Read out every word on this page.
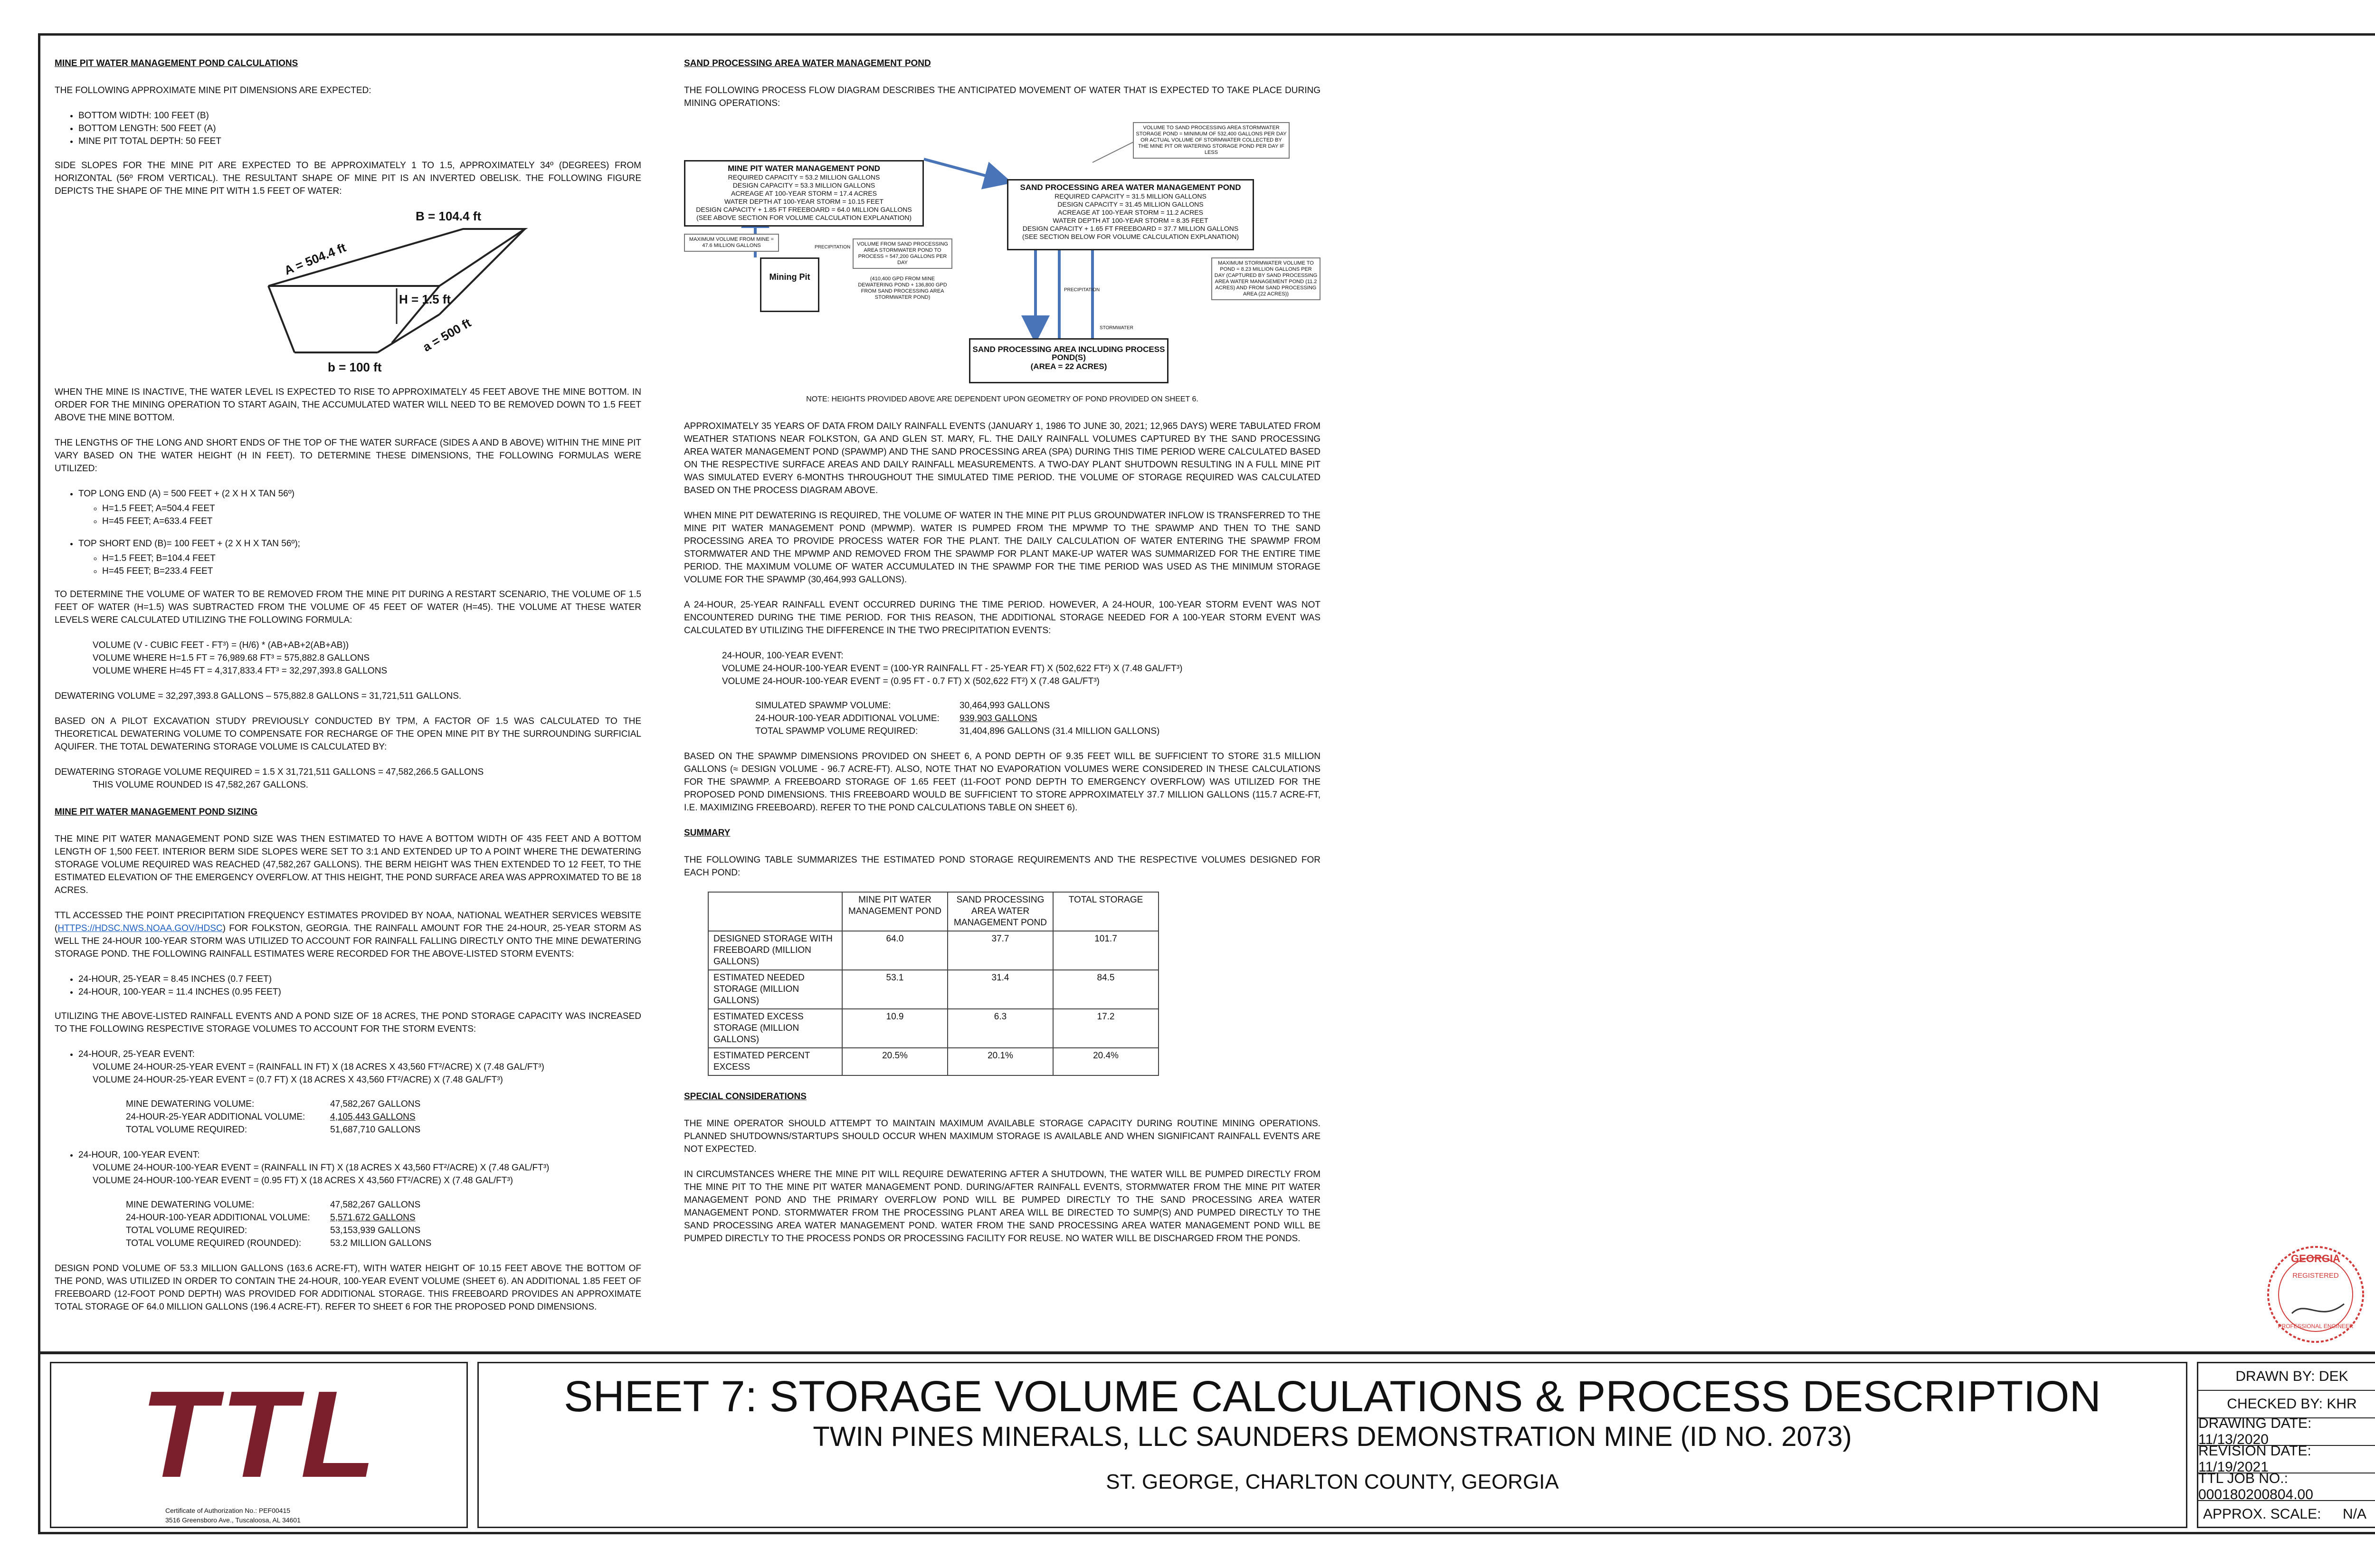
MINE PIT WATER MANAGEMENT POND CALCULATIONS

THE FOLLOWING APPROXIMATE MINE PIT DIMENSIONS ARE EXPECTED:

• BOTTOM WIDTH: 100 FEET (B)
• BOTTOM LENGTH: 500 FEET (A)
• MINE PIT TOTAL DEPTH: 50 FEET

SIDE SLOPES FOR THE MINE PIT ARE EXPECTED TO BE APPROXIMATELY 1 TO 1.5, APPROXIMATELY 34º (DEGREES) FROM HORIZONTAL (56º FROM VERTICAL). THE RESULTANT SHAPE OF MINE PIT IS AN INVERTED OBELISK. THE FOLLOWING FIGURE DEPICTS THE SHAPE OF THE MINE PIT WITH 1.5 FEET OF WATER:

B = 104.4 ft
A = 504.4 ft
H = 1.5 ft
a = 500 ft
b = 100 ft

WHEN THE MINE IS INACTIVE, THE WATER LEVEL IS EXPECTED TO RISE TO APPROXIMATELY 45 FEET ABOVE THE MINE BOTTOM. IN ORDER FOR THE MINING OPERATION TO START AGAIN, THE ACCUMULATED WATER WILL NEED TO BE REMOVED DOWN TO 1.5 FEET ABOVE THE MINE BOTTOM.

THE LENGTHS OF THE LONG AND SHORT ENDS OF THE TOP OF THE WATER SURFACE (SIDES A AND B ABOVE) WITHIN THE MINE PIT VARY BASED ON THE WATER HEIGHT (H IN FEET). TO DETERMINE THESE DIMENSIONS, THE FOLLOWING FORMULAS WERE UTILIZED:

• TOP LONG END (A) = 500 FEET + (2 X H X TAN 56º)
◦ H=1.5 FEET; A=504.4 FEET
◦ H=45 FEET; A=633.4 FEET
• TOP SHORT END (B)= 100 FEET + (2 X H X TAN 56º);
◦ H=1.5 FEET; B=104.4 FEET
◦ H=45 FEET; B=233.4 FEET

TO DETERMINE THE VOLUME OF WATER TO BE REMOVED FROM THE MINE PIT DURING A RESTART SCENARIO, THE VOLUME OF 1.5 FEET OF WATER (H=1.5) WAS SUBTRACTED FROM THE VOLUME OF 45 FEET OF WATER (H=45). THE VOLUME AT THESE WATER LEVELS WERE CALCULATED UTILIZING THE FOLLOWING FORMULA:

VOLUME (V - CUBIC FEET - FT³) = (H/6) * (AB+AB+2(AB+AB))
VOLUME WHERE H=1.5 FT = 76,989.68 FT³ = 575,882.8 GALLONS
VOLUME WHERE H=45 FT = 4,317,833.4 FT³ = 32,297,393.8 GALLONS

DEWATERING VOLUME = 32,297,393.8 GALLONS – 575,882.8 GALLONS = 31,721,511 GALLONS.

BASED ON A PILOT EXCAVATION STUDY PREVIOUSLY CONDUCTED BY TPM, A FACTOR OF 1.5 WAS CALCULATED TO THE THEORETICAL DEWATERING VOLUME TO COMPENSATE FOR RECHARGE OF THE OPEN MINE PIT BY THE SURROUNDING SURFICIAL AQUIFER. THE TOTAL DEWATERING STORAGE VOLUME IS CALCULATED BY:

DEWATERING STORAGE VOLUME REQUIRED = 1.5 X 31,721,511 GALLONS = 47,582,266.5 GALLONS
THIS VOLUME ROUNDED IS 47,582,267 GALLONS.
MINE PIT WATER MANAGEMENT POND SIZING

THE MINE PIT WATER MANAGEMENT POND SIZE WAS THEN ESTIMATED TO HAVE A BOTTOM WIDTH OF 435 FEET AND A BOTTOM LENGTH OF 1,500 FEET. INTERIOR BERM SIDE SLOPES WERE SET TO 3:1 AND EXTENDED UP TO A POINT WHERE THE DEWATERING STORAGE VOLUME REQUIRED WAS REACHED (47,582,267 GALLONS). THE BERM HEIGHT WAS THEN EXTENDED TO 12 FEET, TO THE ESTIMATED ELEVATION OF THE EMERGENCY OVERFLOW. AT THIS HEIGHT, THE POND SURFACE AREA WAS APPROXIMATED TO BE 18 ACRES.

TTL ACCESSED THE POINT PRECIPITATION FREQUENCY ESTIMATES PROVIDED BY NOAA, NATIONAL WEATHER SERVICES WEBSITE (HTTPS://HDSC.NWS.NOAA.GOV/HDSC) FOR FOLKSTON, GEORGIA. THE RAINFALL AMOUNT FOR THE 24-HOUR, 25-YEAR STORM AS WELL THE 24-HOUR 100-YEAR STORM WAS UTILIZED TO ACCOUNT FOR RAINFALL FALLING DIRECTLY ONTO THE MINE DEWATERING STORAGE POND. THE FOLLOWING RAINFALL ESTIMATES WERE RECORDED FOR THE ABOVE-LISTED STORM EVENTS:

• 24-HOUR, 25-YEAR = 8.45 INCHES (0.7 FEET)
• 24-HOUR, 100-YEAR = 11.4 INCHES (0.95 FEET)

UTILIZING THE ABOVE-LISTED RAINFALL EVENTS AND A POND SIZE OF 18 ACRES, THE POND STORAGE CAPACITY WAS INCREASED TO THE FOLLOWING RESPECTIVE STORAGE VOLUMES TO ACCOUNT FOR THE STORM EVENTS:

• 24-HOUR, 25-YEAR EVENT:
VOLUME 24-HOUR-25-YEAR EVENT = (RAINFALL IN FT) X (18 ACRES X 43,560 FT²/ACRE) X (7.48 GAL/FT³)
VOLUME 24-HOUR-25-YEAR EVENT = (0.7 FT) X (18 ACRES X 43,560 FT²/ACRE) X (7.48 GAL/FT³)
MINE DEWATERING VOLUME:	47,582,267 GALLONS
24-HOUR-25-YEAR ADDITIONAL VOLUME:	4,105,443 GALLONS
TOTAL VOLUME REQUIRED:	51,687,710 GALLONS
• 24-HOUR, 100-YEAR EVENT:
VOLUME 24-HOUR-100-YEAR EVENT = (RAINFALL IN FT) X (18 ACRES X 43,560 FT²/ACRE) X (7.48 GAL/FT³)
VOLUME 24-HOUR-100-YEAR EVENT = (0.95 FT) X (18 ACRES X 43,560 FT²/ACRE) X (7.48 GAL/FT³)
MINE DEWATERING VOLUME:	47,582,267 GALLONS
24-HOUR-100-YEAR ADDITIONAL VOLUME:	5,571,672 GALLONS
TOTAL VOLUME REQUIRED:	53,153,939 GALLONS
TOTAL VOLUME REQUIRED (ROUNDED):	53.2 MILLION GALLONS

DESIGN POND VOLUME OF 53.3 MILLION GALLONS (163.6 ACRE-FT), WITH WATER HEIGHT OF 10.15 FEET ABOVE THE BOTTOM OF THE POND, WAS UTILIZED IN ORDER TO CONTAIN THE 24-HOUR, 100-YEAR EVENT VOLUME (SHEET 6). AN ADDITIONAL 1.85 FEET OF FREEBOARD (12-FOOT POND DEPTH) WAS PROVIDED FOR ADDITIONAL STORAGE. THIS FREEBOARD PROVIDES AN APPROXIMATE TOTAL STORAGE OF 64.0 MILLION GALLONS (196.4 ACRE-FT). REFER TO SHEET 6 FOR THE PROPOSED POND DIMENSIONS.

SAND PROCESSING AREA WATER MANAGEMENT POND

THE FOLLOWING PROCESS FLOW DIAGRAM DESCRIBES THE ANTICIPATED MOVEMENT OF WATER THAT IS EXPECTED TO TAKE PLACE DURING MINING OPERATIONS:

MINE PIT WATER MANAGEMENT POND
REQUIRED CAPACITY = 53.2 MILLION GALLONS
DESIGN CAPACITY = 53.3 MILLION GALLONS
ACREAGE AT 100-YEAR STORM = 17.4 ACRES
WATER DEPTH AT 100-YEAR STORM = 10.15 FEET
DESIGN CAPACITY + 1.85 FT FREEBOARD = 64.0 MILLION GALLONS
(SEE ABOVE SECTION FOR VOLUME CALCULATION EXPLANATION)
SAND PROCESSING AREA WATER MANAGEMENT POND
REQUIRED CAPACITY = 31.5 MILLION GALLONS
DESIGN CAPACITY = 31.45 MILLION GALLONS
ACREAGE AT 100-YEAR STORM = 11.2 ACRES
WATER DEPTH AT 100-YEAR STORM = 8.35 FEET
DESIGN CAPACITY + 1.65 FT FREEBOARD = 37.7 MILLION GALLONS
(SEE SECTION BELOW FOR VOLUME CALCULATION EXPLANATION)
Mining Pit
SAND PROCESSING AREA INCLUDING PROCESS POND(S)
(AREA = 22 ACRES)
VOLUME TO SAND PROCESSING AREA STORMWATER STORAGE POND = MINIMUM OF 532,400 GALLONS PER DAY OR ACTUAL VOLUME OF STORMWATER COLLECTED BY THE MINE PIT OR WATERING STORAGE POND PER DAY IF LESS
MAXIMUM VOLUME FROM MINE = 47.6 MILLION GALLONS	VOLUME FROM SAND PROCESSING AREA STORMWATER POND TO PROCESS = 547,200 GALLONS PER DAY
(410,400 GPD FROM MINE DEWATERING POND + 136,800 GPD FROM SAND PROCESSING AREA STORMWATER POND)
MAXIMUM STORMWATER VOLUME TO POND = 8.23 MILLION GALLONS PER DAY (CAPTURED BY SAND PROCESSING AREA WATER MANAGEMENT POND (11.2 ACRES) AND FROM SAND PROCESSING AREA (22 ACRES))
PRECIPITATION
PRECIPITATION
STORMWATER
NOTE: HEIGHTS PROVIDED ABOVE ARE DEPENDENT UPON GEOMETRY OF POND PROVIDED ON SHEET 6.

APPROXIMATELY 35 YEARS OF DATA FROM DAILY RAINFALL EVENTS (JANUARY 1, 1986 TO JUNE 30, 2021; 12,965 DAYS) WERE TABULATED FROM WEATHER STATIONS NEAR FOLKSTON, GA AND GLEN ST. MARY, FL. THE DAILY RAINFALL VOLUMES CAPTURED BY THE SAND PROCESSING AREA WATER MANAGEMENT POND (SPAWMP) AND THE SAND PROCESSING AREA (SPA) DURING THIS TIME PERIOD WERE CALCULATED BASED ON THE RESPECTIVE SURFACE AREAS AND DAILY RAINFALL MEASUREMENTS. A TWO-DAY PLANT SHUTDOWN RESULTING IN A FULL MINE PIT WAS SIMULATED EVERY 6-MONTHS THROUGHOUT THE SIMULATED TIME PERIOD. THE VOLUME OF STORAGE REQUIRED WAS CALCULATED BASED ON THE PROCESS DIAGRAM ABOVE.

WHEN MINE PIT DEWATERING IS REQUIRED, THE VOLUME OF WATER IN THE MINE PIT PLUS GROUNDWATER INFLOW IS TRANSFERRED TO THE MINE PIT WATER MANAGEMENT POND (MPWMP). WATER IS PUMPED FROM THE MPWMP TO THE SPAWMP AND THEN TO THE SAND PROCESSING AREA TO PROVIDE PROCESS WATER FOR THE PLANT. THE DAILY CALCULATION OF WATER ENTERING THE SPAWMP FROM STORMWATER AND THE MPWMP AND REMOVED FROM THE SPAWMP FOR PLANT MAKE-UP WATER WAS SUMMARIZED FOR THE ENTIRE TIME PERIOD. THE MAXIMUM VOLUME OF WATER ACCUMULATED IN THE SPAWMP FOR THE TIME PERIOD WAS USED AS THE MINIMUM STORAGE VOLUME FOR THE SPAWMP (30,464,993 GALLONS).

A 24-HOUR, 25-YEAR RAINFALL EVENT OCCURRED DURING THE TIME PERIOD. HOWEVER, A 24-HOUR, 100-YEAR STORM EVENT WAS NOT ENCOUNTERED DURING THE TIME PERIOD. FOR THIS REASON, THE ADDITIONAL STORAGE NEEDED FOR A 100-YEAR STORM EVENT WAS CALCULATED BY UTILIZING THE DIFFERENCE IN THE TWO PRECIPITATION EVENTS:

24-HOUR, 100-YEAR EVENT:
VOLUME 24-HOUR-100-YEAR EVENT = (100-YR RAINFALL FT - 25-YEAR FT) X (502,622 FT²) X (7.48 GAL/FT³)
VOLUME 24-HOUR-100-YEAR EVENT = (0.95 FT - 0.7 FT) X (502,622 FT²) X (7.48 GAL/FT³)
SIMULATED SPAWMP VOLUME:	30,464,993 GALLONS
24-HOUR-100-YEAR ADDITIONAL VOLUME:	939,903 GALLONS
TOTAL SPAWMP VOLUME REQUIRED:	31,404,896 GALLONS (31.4 MILLION GALLONS)

BASED ON THE SPAWMP DIMENSIONS PROVIDED ON SHEET 6, A POND DEPTH OF 9.35 FEET WILL BE SUFFICIENT TO STORE 31.5 MILLION GALLONS (≈ DESIGN VOLUME - 96.7 ACRE-FT). ALSO, NOTE THAT NO EVAPORATION VOLUMES WERE CONSIDERED IN THESE CALCULATIONS FOR THE SPAWMP. A FREEBOARD STORAGE OF 1.65 FEET (11-FOOT POND DEPTH TO EMERGENCY OVERFLOW) WAS UTILIZED FOR THE PROPOSED POND DIMENSIONS. THIS FREEBOARD WOULD BE SUFFICIENT TO STORE APPROXIMATELY 37.7 MILLION GALLONS (115.7 ACRE-FT, I.E. MAXIMIZING FREEBOARD). REFER TO THE POND CALCULATIONS TABLE ON SHEET 6).

SUMMARY

THE FOLLOWING TABLE SUMMARIZES THE ESTIMATED POND STORAGE REQUIREMENTS AND THE RESPECTIVE VOLUMES DESIGNED FOR EACH POND:

	MINE PIT WATER MANAGEMENT POND	SAND PROCESSING AREA WATER MANAGEMENT POND	TOTAL STORAGE
DESIGNED STORAGE WITH FREEBOARD (MILLION GALLONS)	64.0	37.7	101.7
ESTIMATED NEEDED STORAGE (MILLION GALLONS)	53.1	31.4	84.5
ESTIMATED EXCESS STORAGE (MILLION GALLONS)	10.9	6.3	17.2
ESTIMATED PERCENT EXCESS	20.5%	20.1%	20.4%
SPECIAL CONSIDERATIONS

THE MINE OPERATOR SHOULD ATTEMPT TO MAINTAIN MAXIMUM AVAILABLE STORAGE CAPACITY DURING ROUTINE MINING OPERATIONS. PLANNED SHUTDOWNS/STARTUPS SHOULD OCCUR WHEN MAXIMUM STORAGE IS AVAILABLE AND WHEN SIGNIFICANT RAINFALL EVENTS ARE NOT EXPECTED.

IN CIRCUMSTANCES WHERE THE MINE PIT WILL REQUIRE DEWATERING AFTER A SHUTDOWN, THE WATER WILL BE PUMPED DIRECTLY FROM THE MINE PIT TO THE MINE PIT WATER MANAGEMENT POND. DURING/AFTER RAINFALL EVENTS, STORMWATER FROM THE MINE PIT WATER MANAGEMENT POND AND THE PRIMARY OVERFLOW POND WILL BE PUMPED DIRECTLY TO THE SAND PROCESSING AREA WATER MANAGEMENT POND. STORMWATER FROM THE PROCESSING PLANT AREA WILL BE DIRECTED TO SUMP(S) AND PUMPED DIRECTLY TO THE SAND PROCESSING AREA WATER MANAGEMENT POND. WATER FROM THE SAND PROCESSING AREA WATER MANAGEMENT POND WILL BE PUMPED DIRECTLY TO THE PROCESS PONDS OR PROCESSING FACILITY FOR REUSE. NO WATER WILL BE DISCHARGED FROM THE PONDS.

GEORGIA
REGISTERED
PROFESSIONAL ENGINEER
TTL
Certificate of Authorization No.: PEF00415
3516 Greensboro Ave., Tuscaloosa, AL 34601
SHEET 7: STORAGE VOLUME CALCULATIONS & PROCESS DESCRIPTION
TWIN PINES MINERALS, LLC SAUNDERS DEMONSTRATION MINE (ID NO. 2073)
ST. GEORGE, CHARLTON COUNTY, GEORGIA
DRAWN BY: DEK
CHECKED BY: KHR
DRAWING DATE: 11/13/2020
REVISION DATE: 11/19/2021
TTL JOB NO.: 000180200804.00
APPROX. SCALE: N/A
